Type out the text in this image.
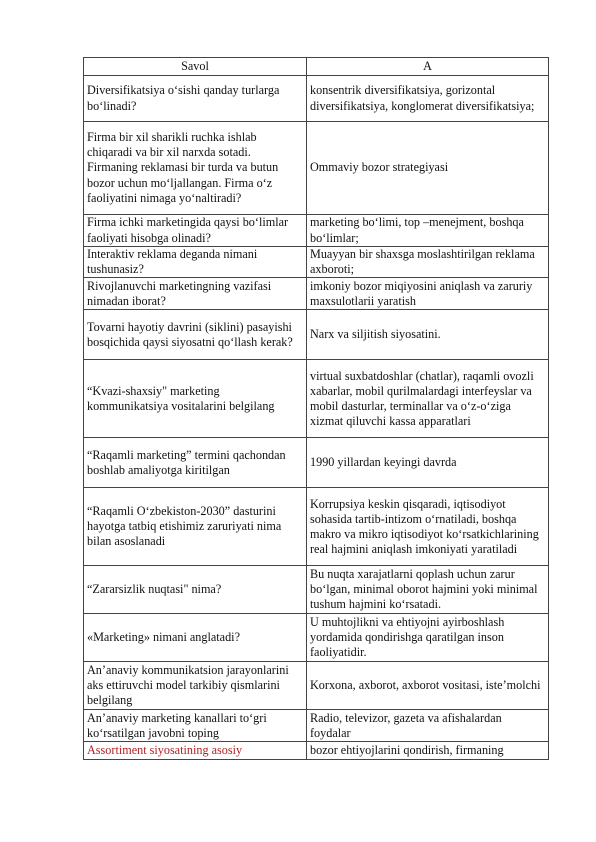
Savol	A
Diversifikatsiya o‘sishi qanday turlarga bo‘linadi?	konsentrik diversifikatsiya, gorizontal diversifikatsiya, konglomerat diversifikatsiya;
Firma bir xil sharikli ruchka ishlab chiqaradi va bir xil narxda sotadi. Firmaning reklamasi bir turda va butun bozor uchun mo‘ljallangan. Firma o‘z faoliyatini nimaga yo‘naltiradi?	Ommaviy bozor strategiyasi
Firma ichki marketingida qaysi bo‘limlar faoliyati hisobga olinadi?	marketing bo‘limi, top –menejment, boshqa bo‘limlar;
Interaktiv reklama deganda nimani tushunasiz?	Muayyan bir shaxsga moslashtirilgan reklama axboroti;
Rivojlanuvchi marketingning vazifasi nimadan iborat?	imkoniy bozor miqiyosini aniqlash va zaruriy maxsulotlarii yaratish
Tovarni hayotiy davrini (siklini) pasayishi bosqichida qaysi siyosatni qo‘llash kerak?	Narx va siljitish siyosatini.
“Kvazi-shaxsiy" marketing kommunikatsiya vositalarini belgilang	virtual suxbatdoshlar (chatlar), raqamli ovozli xabarlar, mobil qurilmalardagi interfeyslar va mobil dasturlar, terminallar va o‘z-o‘ziga xizmat qiluvchi kassa apparatlari
“Raqamli marketing” termini qachondan boshlab amaliyotga kiritilgan	1990 yillardan keyingi davrda
“Raqamli O‘zbekiston-2030” dasturini hayotga tatbiq etishimiz zaruriyati nima bilan asoslanadi	Korrupsiya keskin qisqaradi, iqtisodiyot sohasida tartib-intizom o‘rnatiladi, boshqa makro va mikro iqtisodiyot ko‘rsatkichlarining real hajmini aniqlash imkoniyati yaratiladi
“Zararsizlik nuqtasi" nima?	Bu nuqta xarajatlarni qoplash uchun zarur bo‘lgan, minimal oborot hajmini yoki minimal tushum hajmini ko‘rsatadi.
«Marketing» nimani anglatadi?	U muhtojlikni va ehtiyojni ayirboshlash yordamida qondirishga qaratilgan inson faoliyatidir.
An’anaviy kommunikatsion jarayonlarini aks ettiruvchi model tarkibiy qismlarini belgilang	Korxona, axborot, axborot vositasi, iste’molchi
An’anaviy marketing kanallari to‘gri ko‘rsatilgan javobni toping	Radio, televizor, gazeta va afishalardan foydalar
Assortiment siyosatining asosiy	bozor ehtiyojlarini qondirish, firmaning
